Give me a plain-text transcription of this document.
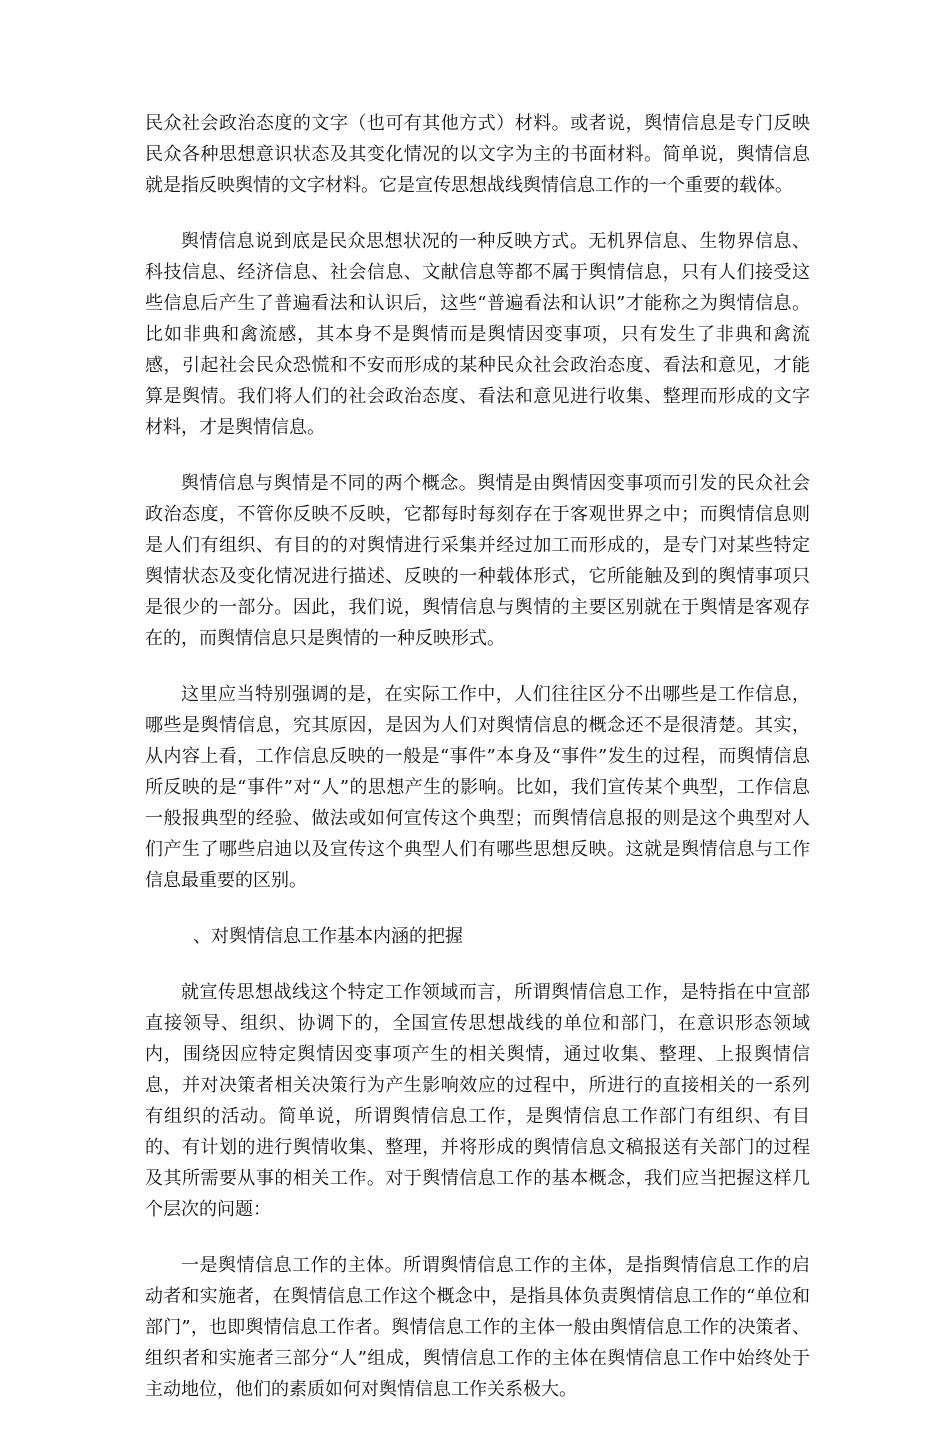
民众社会政治态度的文字（也可有其他方式）材料。或者说，舆情信息是专门反映民众各种思想意识状态及其变化情况的以文字为主的书面材料。简单说，舆情信息就是指反映舆情的文字材料。它是宣传思想战线舆情信息工作的一个重要的载体。

舆情信息说到底是民众思想状况的一种反映方式。无机界信息、生物界信息、科技信息、经济信息、社会信息、文献信息等都不属于舆情信息，只有人们接受这些信息后产生了普遍看法和认识后，这些“普遍看法和认识”才能称之为舆情信息。比如非典和禽流感，其本身不是舆情而是舆情因变事项，只有发生了非典和禽流感，引起社会民众恐慌和不安而形成的某种民众社会政治态度、看法和意见，才能算是舆情。我们将人们的社会政治态度、看法和意见进行收集、整理而形成的文字材料，才是舆情信息。

舆情信息与舆情是不同的两个概念。舆情是由舆情因变事项而引发的民众社会政治态度，不管你反映不反映，它都每时每刻存在于客观世界之中；而舆情信息则是人们有组织、有目的的对舆情进行采集并经过加工而形成的，是专门对某些特定舆情状态及变化情况进行描述、反映的一种载体形式，它所能触及到的舆情事项只是很少的一部分。因此，我们说，舆情信息与舆情的主要区别就在于舆情是客观存在的，而舆情信息只是舆情的一种反映形式。

这里应当特别强调的是，在实际工作中，人们往往区分不出哪些是工作信息，哪些是舆情信息，究其原因，是因为人们对舆情信息的概念还不是很清楚。其实，从内容上看，工作信息反映的一般是“事件”本身及“事件”发生的过程，而舆情信息所反映的是“事件”对“人”的思想产生的影响。比如，我们宣传某个典型，工作信息一般报典型的经验、做法或如何宣传这个典型；而舆情信息报的则是这个典型对人们产生了哪些启迪以及宣传这个典型人们有哪些思想反映。这就是舆情信息与工作信息最重要的区别。

、对舆情信息工作基本内涵的把握

就宣传思想战线这个特定工作领域而言，所谓舆情信息工作，是特指在中宣部直接领导、组织、协调下的，全国宣传思想战线的单位和部门，在意识形态领域内，围绕因应特定舆情因变事项产生的相关舆情，通过收集、整理、上报舆情信息，并对决策者相关决策行为产生影响效应的过程中，所进行的直接相关的一系列有组织的活动。简单说，所谓舆情信息工作，是舆情信息工作部门有组织、有目的、有计划的进行舆情收集、整理，并将形成的舆情信息文稿报送有关部门的过程及其所需要从事的相关工作。对于舆情信息工作的基本概念，我们应当把握这样几个层次的问题：

一是舆情信息工作的主体。所谓舆情信息工作的主体，是指舆情信息工作的启动者和实施者，在舆情信息工作这个概念中，是指具体负责舆情信息工作的“单位和部门”，也即舆情信息工作者。舆情信息工作的主体一般由舆情信息工作的决策者、组织者和实施者三部分“人”组成，舆情信息工作的主体在舆情信息工作中始终处于主动地位，他们的素质如何对舆情信息工作关系极大。
